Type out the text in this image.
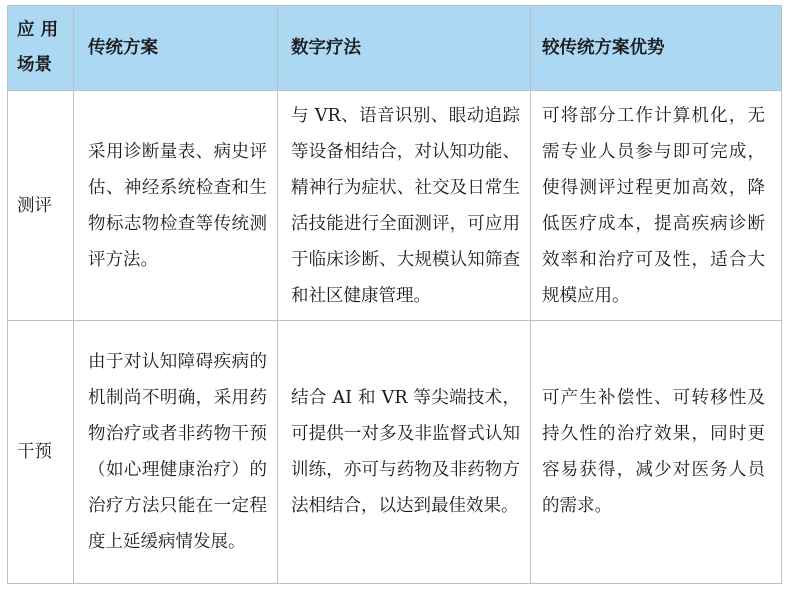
应 用 场景	传统方案	数字疗法	较传统方案优势
测评	采用诊断量表、病史评估、神经系统检查和生物标志物检查等传统测评方法。	与 VR、语音识别、眼动追踪等设备相结合，对认知功能、精神行为症状、社交及日常生活技能进行全面测评，可应用于临床诊断、大规模认知筛查和社区健康管理。	可将部分工作计算机化，无需专业人员参与即可完成，使得测评过程更加高效，降低医疗成本，提高疾病诊断效率和治疗可及性，适合大规模应用。
干预	由于对认知障碍疾病的机制尚不明确，采用药物治疗或者非药物干预（如心理健康治疗）的治疗方法只能在一定程度上延缓病情发展。	结合 AI 和 VR 等尖端技术，可提供一对多及非监督式认知训练，亦可与药物及非药物方法相结合，以达到最佳效果。	可产生补偿性、可转移性及持久性的治疗效果，同时更容易获得，减少对医务人员的需求。
